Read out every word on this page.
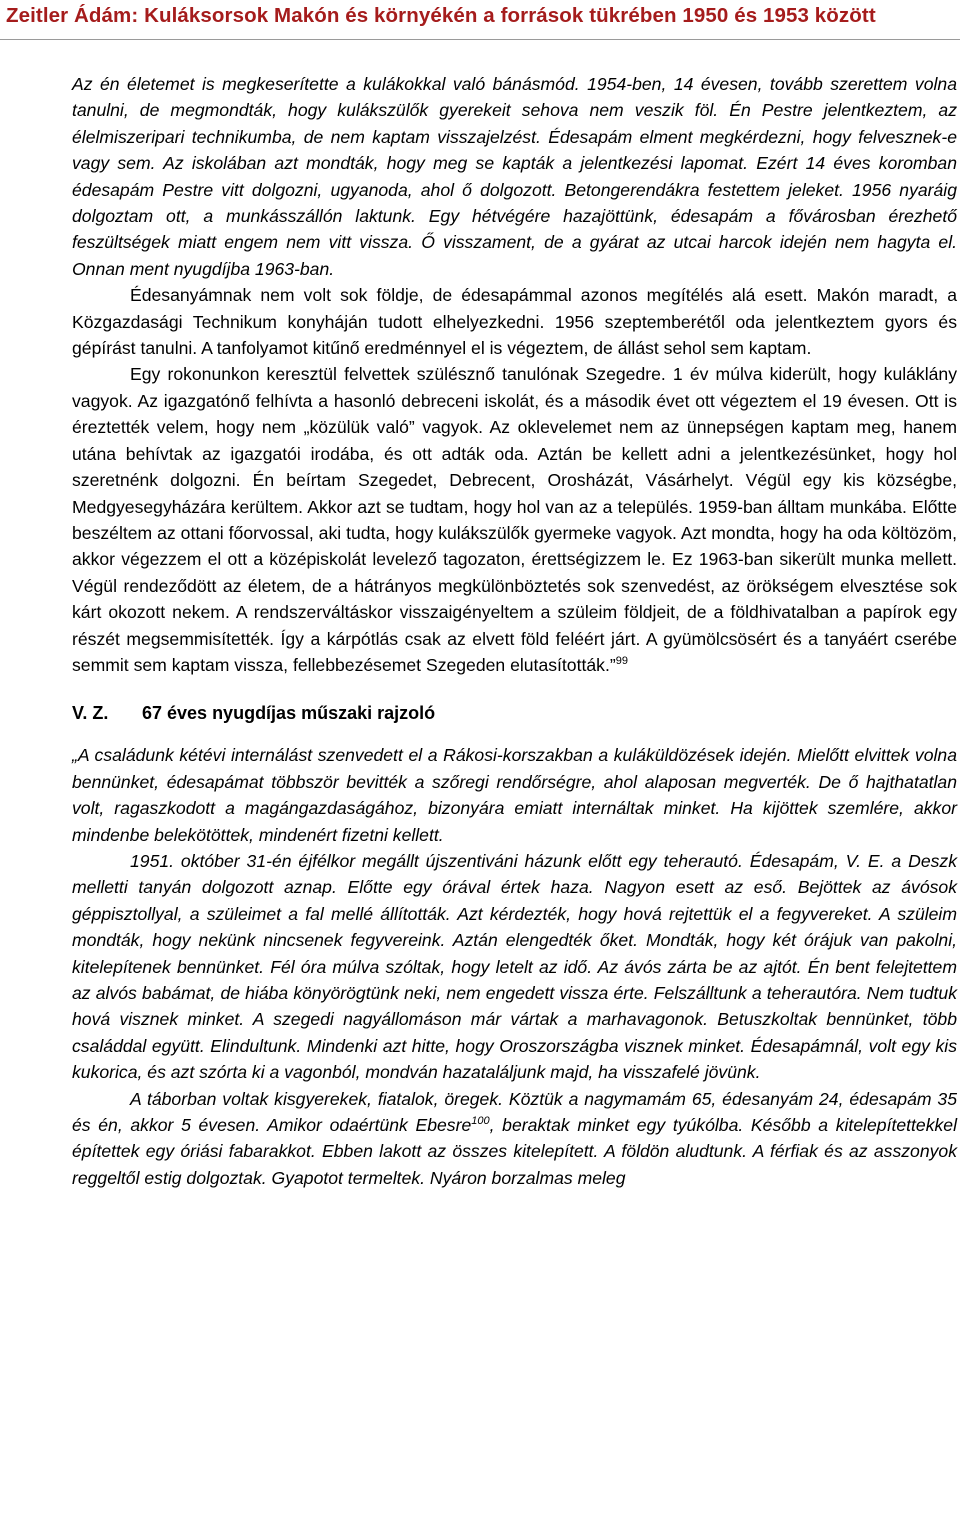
Zeitler Ádám: Kuláksorsok Makón és környékén a források tükrében 1950 és 1953 között

Az én életemet is megkeserítette a kulákokkal való bánásmód. 1954-ben, 14 évesen, tovább szerettem volna tanulni, de megmondták, hogy kulákszülők gyerekeit sehova nem veszik föl. Én Pestre jelentkeztem, az élelmiszeripari technikumba, de nem kaptam visszajelzést. Édesapám elment megkérdezni, hogy felvesznek-e vagy sem. Az iskolában azt mondták, hogy meg se kapták a jelentkezési lapomat. Ezért 14 éves koromban édesapám Pestre vitt dolgozni, ugyanoda, ahol ő dolgozott. Betongerendákra festettem jeleket. 1956 nyaráig dolgoztam ott, a munkásszállón laktunk. Egy hétvégére hazajöttünk, édesapám a fővárosban érezhető feszültségek miatt engem nem vitt vissza. Ő visszament, de a gyárat az utcai harcok idején nem hagyta el. Onnan ment nyugdíjba 1963-ban.

Édesanyámnak nem volt sok földje, de édesapámmal azonos megítélés alá esett. Makón maradt, a Közgazdasági Technikum konyháján tudott elhelyezkedni. 1956 szeptemberétől oda jelentkeztem gyors és gépírást tanulni. A tanfolyamot kitűnő eredménnyel el is végeztem, de állást sehol sem kaptam.

Egy rokonunkon keresztül felvettek szülésznő tanulónak Szegedre. 1 év múlva kiderült, hogy kuláklány vagyok. Az igazgatónő felhívta a hasonló debreceni iskolát, és a második évet ott végeztem el 19 évesen. Ott is éreztették velem, hogy nem „közülük való” vagyok. Az oklevelemet nem az ünnepségen kaptam meg, hanem utána behívtak az igazgatói irodába, és ott adták oda. Aztán be kellett adni a jelentkezésünket, hogy hol szeretnénk dolgozni. Én beírtam Szegedet, Debrecent, Orosházát, Vásárhelyt. Végül egy kis községbe, Medgyesegyházára kerültem. Akkor azt se tudtam, hogy hol van az a település. 1959-ban álltam munkába. Előtte beszéltem az ottani főorvossal, aki tudta, hogy kulákszülők gyermeke vagyok. Azt mondta, hogy ha oda költözöm, akkor végezzem el ott a középiskolát levelező tagozaton, érettségizzem le. Ez 1963-ban sikerült munka mellett. Végül rendeződött az életem, de a hátrányos megkülönböztetés sok szenvedést, az örökségem elvesztése sok kárt okozott nekem. A rendszerváltáskor visszaigényeltem a szüleim földjeit, de a földhivatalban a papírok egy részét megsemmisítették. Így a kárpótlás csak az elvett föld feléért járt. A gyümölcsösért és a tanyáért cserébe semmit sem kaptam vissza, fellebbezésemet Szegeden elutasították.”$^{99}$

V. Z. 67 éves nyugdíjas műszaki rajzoló

„A családunk kétévi internálást szenvedett el a Rákosi-korszakban a kuláküldözések idején. Mielőtt elvittek volna bennünket, édesapámat többször bevitték a szőregi rendőrségre, ahol alaposan megverték. De ő hajthatatlan volt, ragaszkodott a magángazdaságához, bizonyára emiatt internáltak minket. Ha kijöttek szemlére, akkor mindenbe belekötöttek, mindenért fizetni kellett.

1951. október 31-én éjfélkor megállt újszentiváni házunk előtt egy teherautó. Édesapám, V. E. a Deszk melletti tanyán dolgozott aznap. Előtte egy órával értek haza. Nagyon esett az eső. Bejöttek az ávósok géppisztollyal, a szüleimet a fal mellé állították. Azt kérdezték, hogy hová rejtettük el a fegyvereket. A szüleim mondták, hogy nekünk nincsenek fegyvereink. Aztán elengedték őket. Mondták, hogy két órájuk van pakolni, kitelepítenek bennünket. Fél óra múlva szóltak, hogy letelt az idő. Az ávós zárta be az ajtót. Én bent felejtettem az alvós babámat, de hiába könyörögtünk neki, nem engedett vissza érte. Felszálltunk a teherautóra. Nem tudtuk hová visznek minket. A szegedi nagyállomáson már vártak a marhavagonok. Betuszkoltak bennünket, több családdal együtt. Elindultunk. Mindenki azt hitte, hogy Oroszországba visznek minket. Édesapámnál, volt egy kis kukorica, és azt szórta ki a vagonból, mondván hazataláljunk majd, ha visszafelé jövünk.

A táborban voltak kisgyerekek, fiatalok, öregek. Köztük a nagymamám 65, édesanyám 24, édesapám 35 és én, akkor 5 évesen. Amikor odaértünk Ebesre$^{100}$, beraktak minket egy tyúkólba. Később a kitelepítettekkel építettek egy óriási fabarakkot. Ebben lakott az összes kitelepített. A földön aludtunk. A férfiak és az asszonyok reggeltől estig dolgoztak. Gyapotot termeltek. Nyáron borzalmas meleg
